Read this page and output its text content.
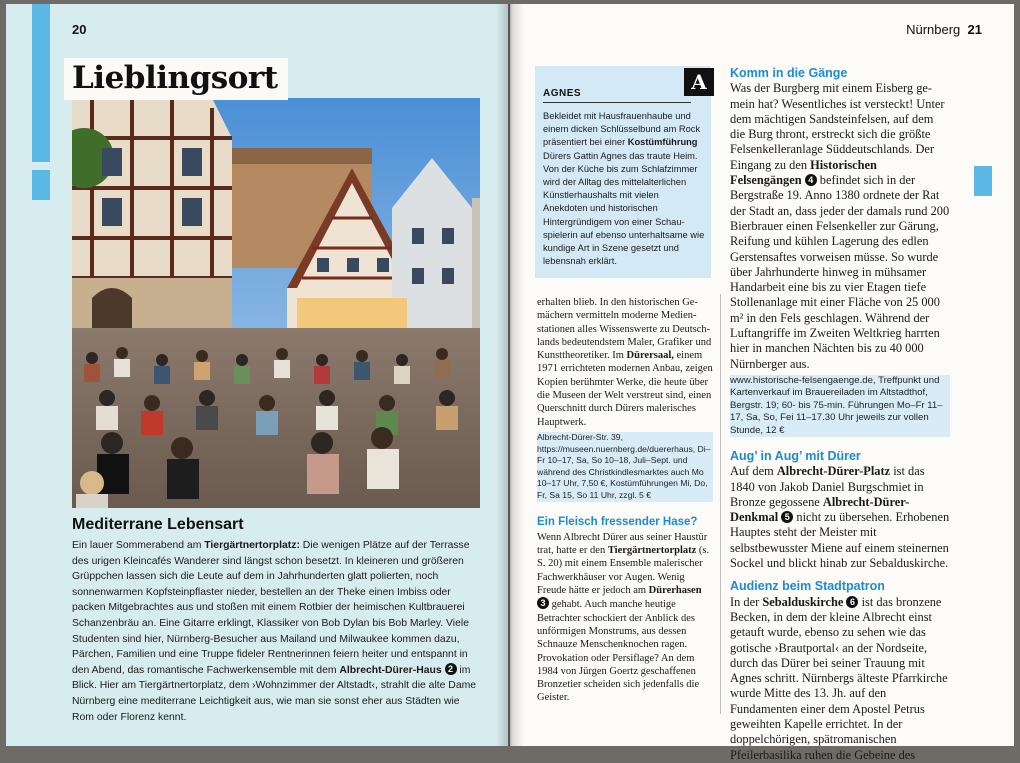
20
Lieblingsort
Mediterrane Lebensart

Ein lauer Sommerabend am Tiergärtnertorplatz: Die wenigen Plätze auf der Terrasse des urigen Kleincafés Wanderer sind längst schon besetzt. In kleineren und größeren Grüppchen lassen sich die Leute auf dem in Jahrhunderten glatt polierten, noch sonnenwarmen Kopfsteinpflaster nieder, bestellen an der Theke einen Imbiss oder packen Mitgebrachtes aus und stoßen mit einem Rotbier der heimischen Kultbrauerei Schanzenbräu an. Eine Gitarre erklingt, Klassiker von Bob Dylan bis Bob Marley. Viele Studenten sind hier, Nürnberg-Besucher aus Mailand und Milwaukee kommen dazu, Pärchen, Familien und eine Truppe fideler Rentnerinnen feiern heiter und entspannt in den Abend, das romantische Fachwerkensemble mit dem Albrecht-Dürer-Haus 2 im Blick. Hier am Tiergärtnertorplatz, dem ›Wohnzimmer der Altstadt‹, strahlt die alte Dame Nürnberg eine mediterrane Leichtigkeit aus, wie man sie sonst eher aus Städten wie Rom oder Florenz kennt.

Nürnberg 21
AGNES

Bekleidet mit Hausfrauenhaube und einem dicken Schlüsselbund am Rock präsentiert bei einer Kostümführung Dürers Gattin Agnes das traute Heim. Von der Küche bis zum Schlafzimmer wird der Alltag des mittelalterlichen Künstlerhaushalts mit vielen Anekdoten und historischen Hintergründigem von einer Schauspielerin auf ebenso unterhaltsame wie kundige Art in Szene gesetzt und lebensnah erklärt.

A

erhalten blieb. In den historischen Gemächern vermitteln moderne Medienstationen alles Wissenswerte zu Deutschlands bedeutendstem Maler, Grafiker und Kunsttheoretiker. Im Dürersaal, einem 1971 errichteten modernen Anbau, zeigen Kopien berühmter Werke, die heute über die Museen der Welt verstreut sind, einen Querschnitt durch Dürers malerisches Hauptwerk.

Albrecht-Dürer-Str. 39, https://museen.nuernberg.de/duererhaus, Di–Fr 10–17, Sa, So 10–18, Juli–Sept. und während des Christkindlesmarktes auch Mo 10–17 Uhr, 7,50 €, Kostümführungen Mi, Do, Fr, Sa 15, So 11 Uhr, zzgl. 5 €
Ein Fleisch fressender Hase?

Wenn Albrecht Dürer aus seiner Haustür trat, hatte er den Tiergärtnertorplatz (s. S. 20) mit einem Ensemble malerischer Fachwerkhäuser vor Augen. Wenig Freude hätte er jedoch am Dürerhasen 3 gehabt. Auch manche heutige Betrachter schockiert der Anblick des unförmigen Monstrums, aus dessen Schnauze Menschenknochen ragen. Provokation oder Persiflage? An dem 1984 von Jürgen Goertz geschaffenen Bronzetier scheiden sich jedenfalls die Geister.

Komm in die Gänge

Was der Burgberg mit einem Eisberg gemein hat? Wesentliches ist versteckt! Unter dem mächtigen Sandsteinfelsen, auf dem die Burg thront, erstreckt sich die größte Felsenkelleranlage Süddeutschlands. Der Eingang zu den Historischen Felsengängen 4 befindet sich in der Bergstraße 19. Anno 1380 ordnete der Rat der Stadt an, dass jeder der damals rund 200 Bierbrauer einen Felsenkeller zur Gärung, Reifung und kühlen Lagerung des edlen Gerstensaftes vorweisen müsse. So wurde über Jahrhunderte hinweg in mühsamer Handarbeit eine bis zu vier Etagen tiefe Stollenanlage mit einer Fläche von 25 000 m² in den Fels geschlagen. Während der Luftangriffe im Zweiten Weltkrieg harrten hier in manchen Nächten bis zu 40 000 Nürnberger aus.

www.historische-felsengaenge.de, Treffpunkt und Kartenverkauf im Brauereiladen im Altstadthof, Bergstr. 19; 60- bis 75-min. Führungen Mo–Fr 11–17, Sa, So, Fei 11–17.30 Uhr jeweils zur vollen Stunde, 12 €
Aug’ in Aug’ mit Dürer

Auf dem Albrecht-Dürer-Platz ist das 1840 von Jakob Daniel Burgschmiet in Bronze gegossene Albrecht-Dürer-Denkmal 5 nicht zu übersehen. Erhobenen Hauptes steht der Meister mit selbstbewusster Miene auf einem steinernen Sockel und blickt hinab zur Sebalduskirche.

Audienz beim Stadtpatron

In der Sebalduskirche 6 ist das bronzene Becken, in dem der kleine Albrecht einst getauft wurde, ebenso zu sehen wie das gotische ›Brautportal‹ an der Nordseite, durch das Dürer bei seiner Trauung mit Agnes schritt. Nürnbergs älteste Pfarrkirche wurde Mitte des 13. Jh. auf den Fundamenten einer dem Apostel Petrus geweihten Kapelle errichtet. In der doppelchörigen, spätromanischen Pfeilerbasilika ruhen die Gebeine des
